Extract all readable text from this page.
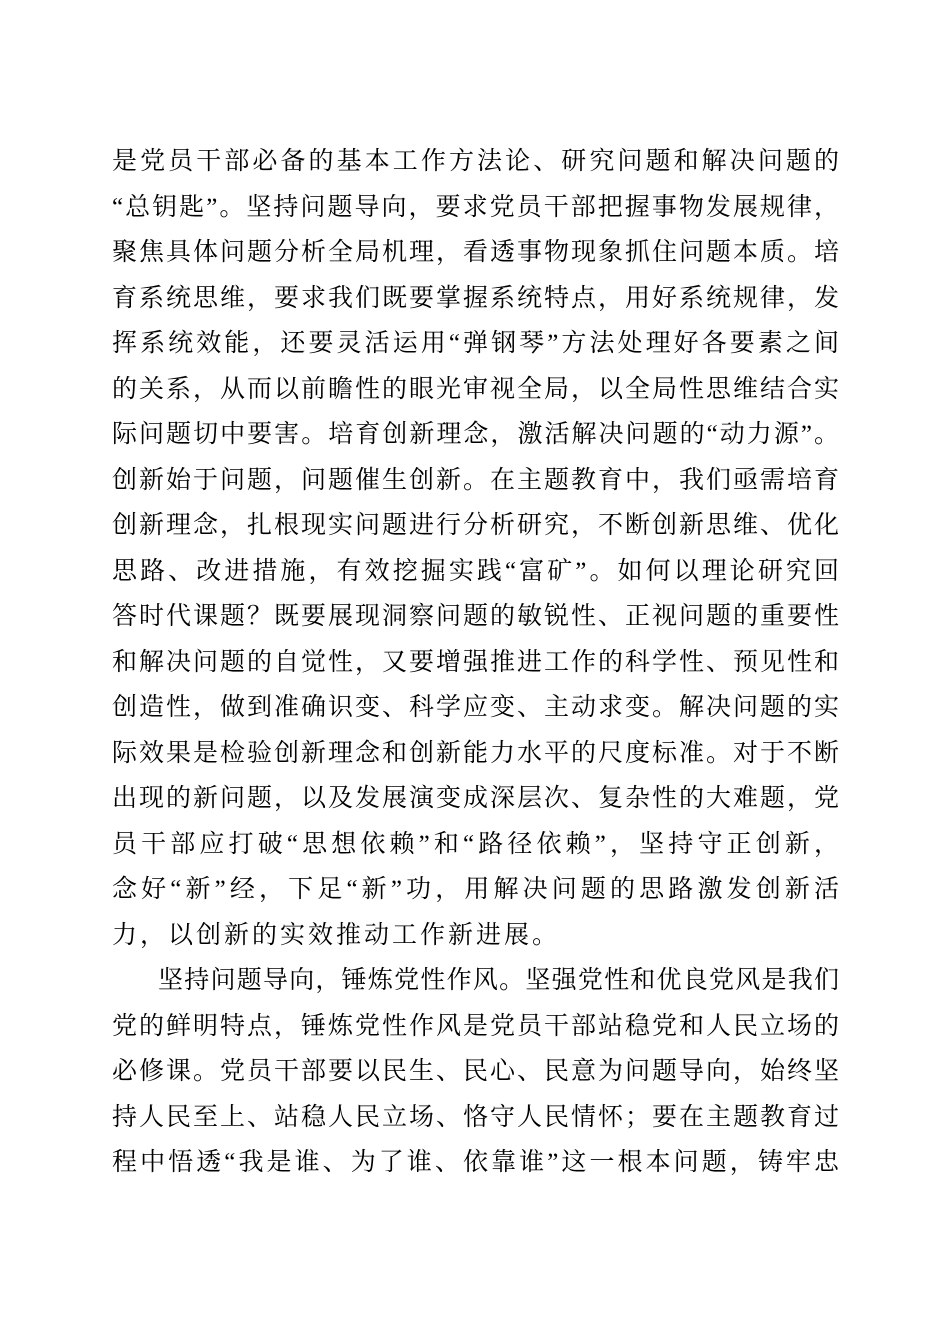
是党员干部必备的基本工作方法论、研究问题和解决问题的
“总钥匙”。坚持问题导向，要求党员干部把握事物发展规律，
聚焦具体问题分析全局机理，看透事物现象抓住问题本质。培
育系统思维，要求我们既要掌握系统特点，用好系统规律，发
挥系统效能，还要灵活运用“弹钢琴”方法处理好各要素之间
的关系，从而以前瞻性的眼光审视全局，以全局性思维结合实
际问题切中要害。培育创新理念，激活解决问题的“动力源”。
创新始于问题，问题催生创新。在主题教育中，我们亟需培育
创新理念，扎根现实问题进行分析研究，不断创新思维、优化
思路、改进措施，有效挖掘实践“富矿”。如何以理论研究回
答时代课题？既要展现洞察问题的敏锐性、正视问题的重要性
和解决问题的自觉性，又要增强推进工作的科学性、预见性和
创造性，做到准确识变、科学应变、主动求变。解决问题的实
际效果是检验创新理念和创新能力水平的尺度标准。对于不断
出现的新问题，以及发展演变成深层次、复杂性的大难题，党
员干部应打破“思想依赖”和“路径依赖”，坚持守正创新，
念好“新”经，下足“新”功，用解决问题的思路激发创新活
力，以创新的实效推动工作新进展。
坚持问题导向，锤炼党性作风。坚强党性和优良党风是我们
党的鲜明特点，锤炼党性作风是党员干部站稳党和人民立场的
必修课。党员干部要以民生、民心、民意为问题导向，始终坚
持人民至上、站稳人民立场、恪守人民情怀；要在主题教育过
程中悟透“我是谁、为了谁、依靠谁”这一根本问题，铸牢忠
